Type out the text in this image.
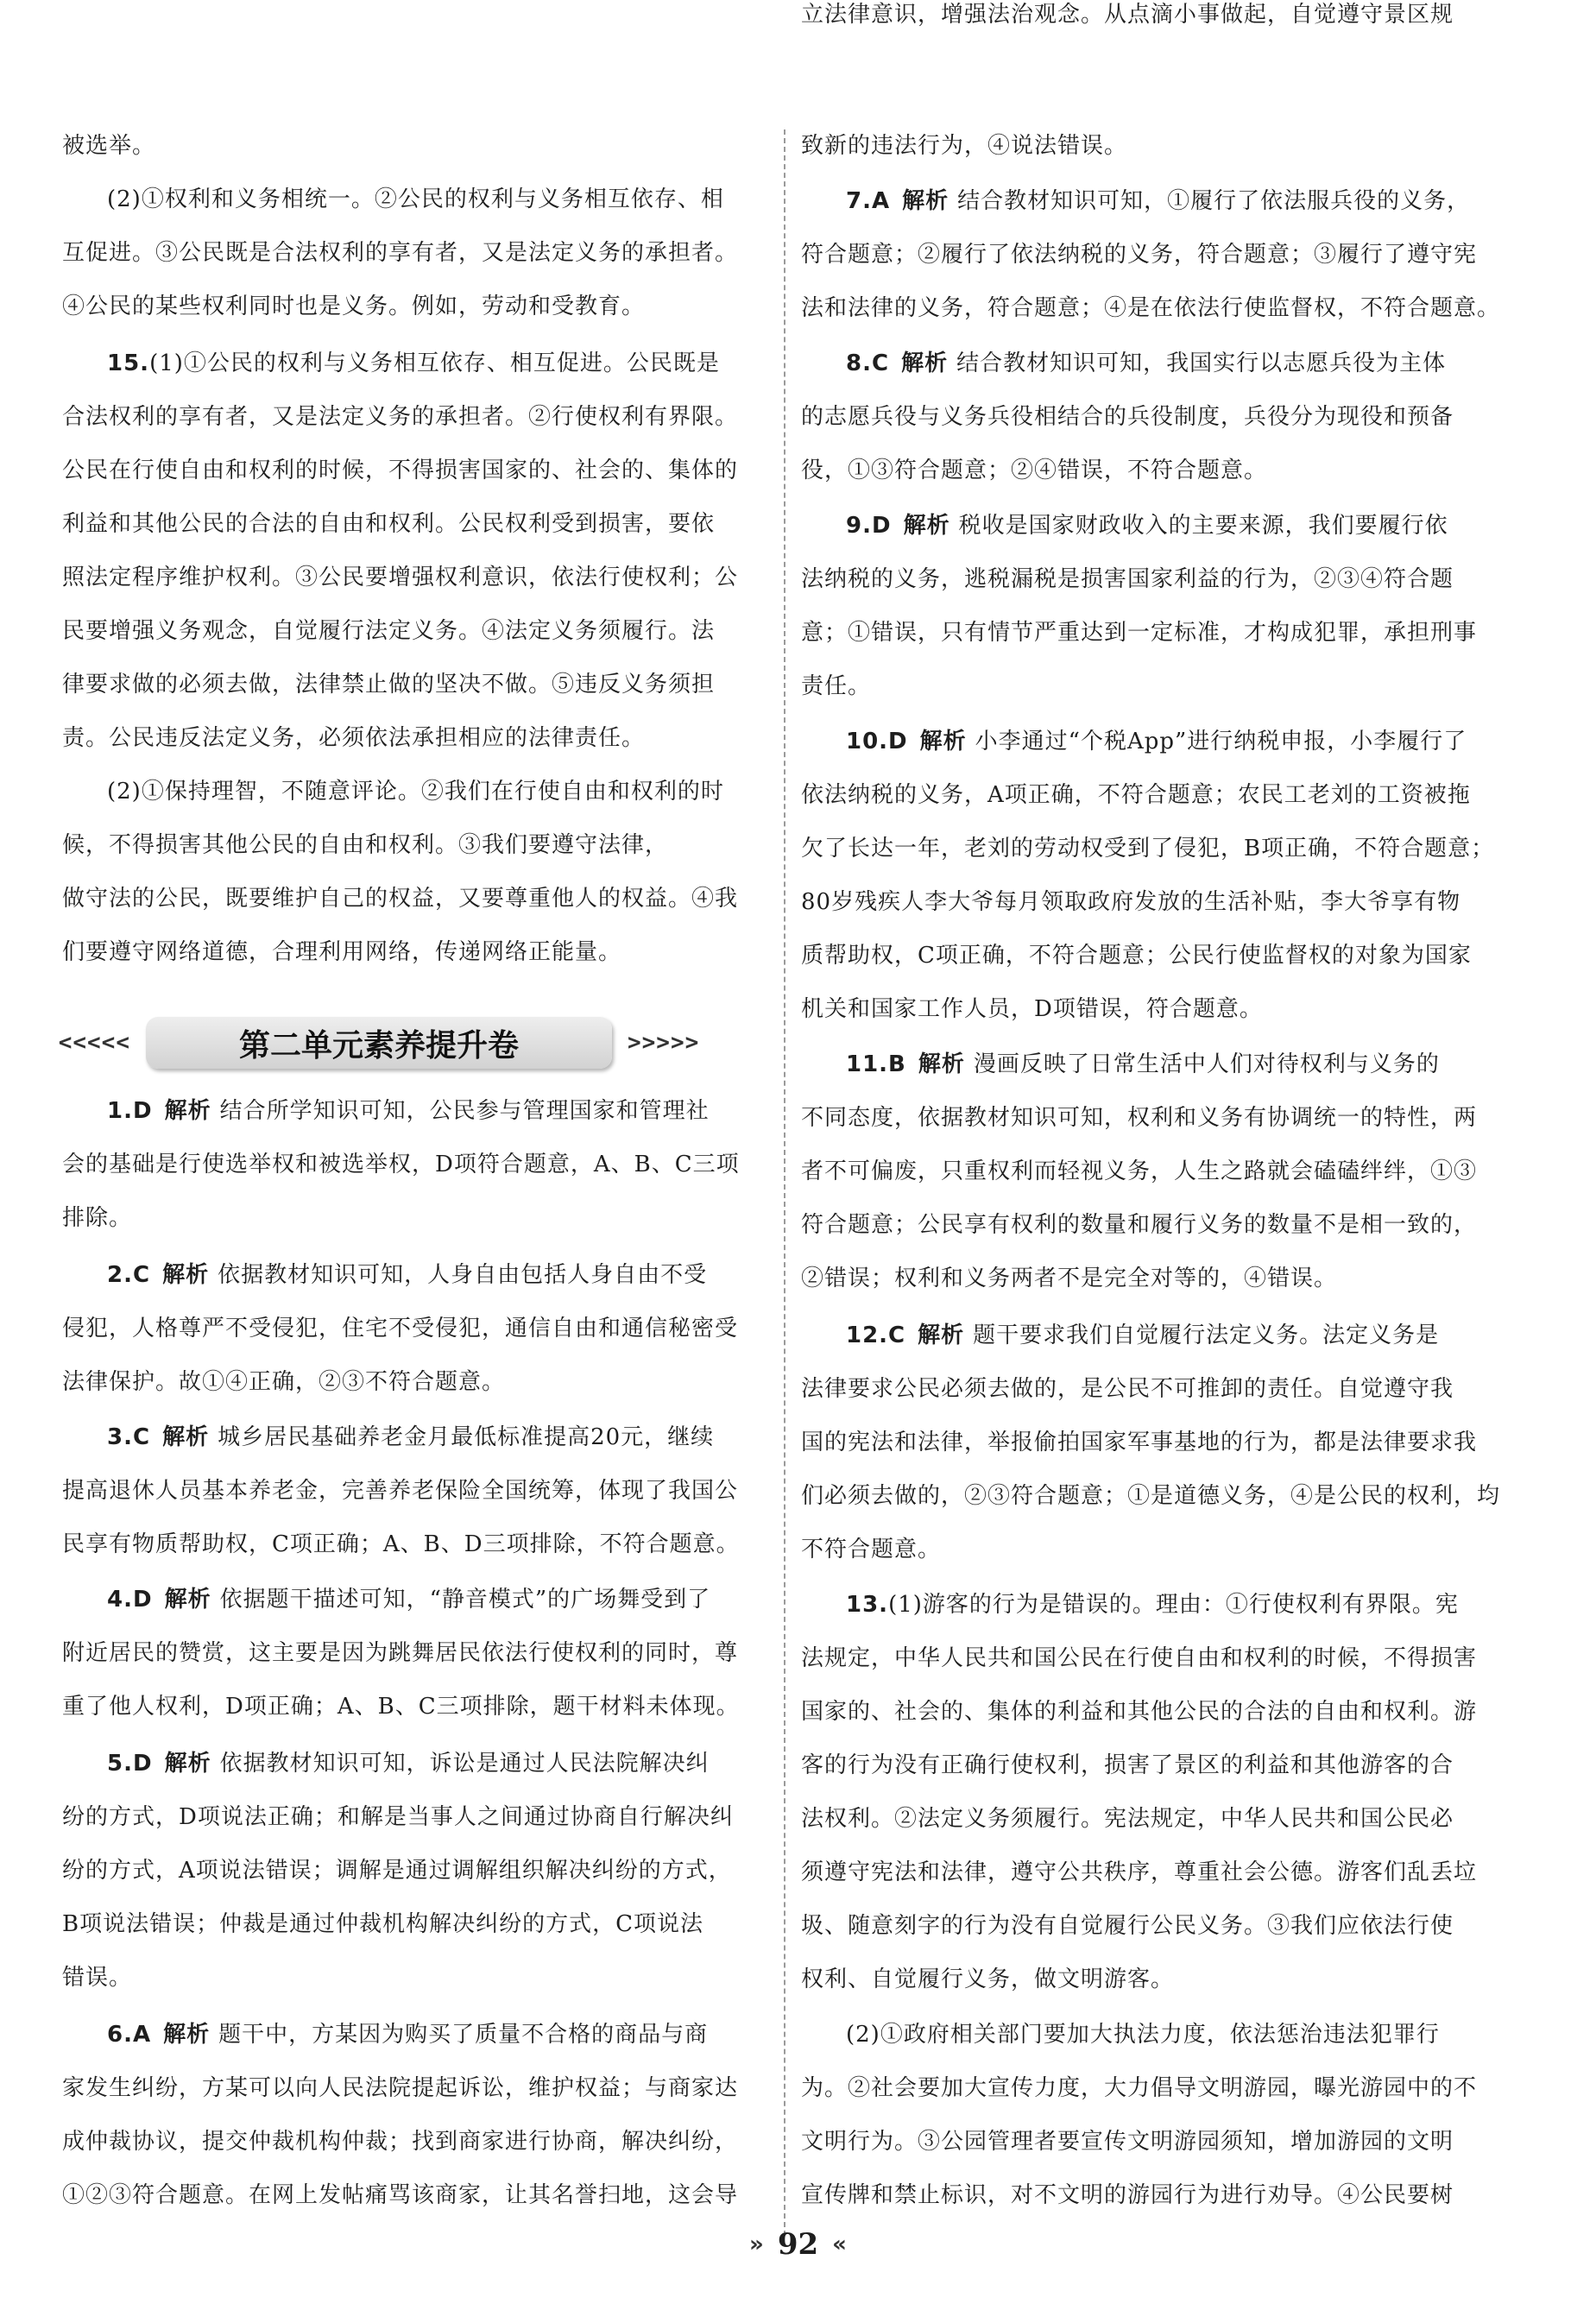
被选举。

(2)①权利和义务相统一。②公民的权利与义务相互依存、相

互促进。③公民既是合法权利的享有者，又是法定义务的承担者。

④公民的某些权利同时也是义务。例如，劳动和受教育。

15.(1)①公民的权利与义务相互依存、相互促进。公民既是

合法权利的享有者，又是法定义务的承担者。②行使权利有界限。

公民在行使自由和权利的时候，不得损害国家的、社会的、集体的

利益和其他公民的合法的自由和权利。公民权利受到损害，要依

照法定程序维护权利。③公民要增强权利意识，依法行使权利；公

民要增强义务观念，自觉履行法定义务。④法定义务须履行。法

律要求做的必须去做，法律禁止做的坚决不做。⑤违反义务须担

责。公民违反法定义务，必须依法承担相应的法律责任。

(2)①保持理智，不随意评论。②我们在行使自由和权利的时

候，不得损害其他公民的自由和权利。③我们要遵守法律，

做守法的公民，既要维护自己的权益，又要尊重他人的权益。④我

们要遵守网络道德，合理利用网络，传递网络正能量。

1.D 解析 结合所学知识可知，公民参与管理国家和管理社

会的基础是行使选举权和被选举权，D项符合题意，A、B、C三项

排除。

2.C 解析 依据教材知识可知，人身自由包括人身自由不受

侵犯，人格尊严不受侵犯，住宅不受侵犯，通信自由和通信秘密受

法律保护。故①④正确，②③不符合题意。

3.C 解析 城乡居民基础养老金月最低标准提高20元，继续

提高退休人员基本养老金，完善养老保险全国统筹，体现了我国公

民享有物质帮助权，C项正确；A、B、D三项排除，不符合题意。

4.D 解析 依据题干描述可知，“静音模式”的广场舞受到了

附近居民的赞赏，这主要是因为跳舞居民依法行使权利的同时，尊

重了他人权利，D项正确；A、B、C三项排除，题干材料未体现。

5.D 解析 依据教材知识可知，诉讼是通过人民法院解决纠

纷的方式，D项说法正确；和解是当事人之间通过协商自行解决纠

纷的方式，A项说法错误；调解是通过调解组织解决纠纷的方式，

B项说法错误；仲裁是通过仲裁机构解决纠纷的方式，C项说法

错误。

6.A 解析 题干中，方某因为购买了质量不合格的商品与商

家发生纠纷，方某可以向人民法院提起诉讼，维护权益；与商家达

成仲裁协议，提交仲裁机构仲裁；找到商家进行协商，解决纠纷，

①②③符合题意。在网上发帖痛骂该商家，让其名誉扫地，这会导

致新的违法行为，④说法错误。

7.A 解析 结合教材知识可知，①履行了依法服兵役的义务，

符合题意；②履行了依法纳税的义务，符合题意；③履行了遵守宪

法和法律的义务，符合题意；④是在依法行使监督权，不符合题意。

8.C 解析 结合教材知识可知，我国实行以志愿兵役为主体

的志愿兵役与义务兵役相结合的兵役制度，兵役分为现役和预备

役，①③符合题意；②④错误，不符合题意。

9.D 解析 税收是国家财政收入的主要来源，我们要履行依

法纳税的义务，逃税漏税是损害国家利益的行为，②③④符合题

意；①错误，只有情节严重达到一定标准，才构成犯罪，承担刑事

责任。

10.D 解析 小李通过“个税App”进行纳税申报，小李履行了

依法纳税的义务，A项正确，不符合题意；农民工老刘的工资被拖

欠了长达一年，老刘的劳动权受到了侵犯，B项正确，不符合题意；

80岁残疾人李大爷每月领取政府发放的生活补贴，李大爷享有物

质帮助权，C项正确，不符合题意；公民行使监督权的对象为国家

机关和国家工作人员，D项错误，符合题意。

11.B 解析 漫画反映了日常生活中人们对待权利与义务的

不同态度，依据教材知识可知，权利和义务有协调统一的特性，两

者不可偏废，只重权利而轻视义务，人生之路就会磕磕绊绊，①③

符合题意；公民享有权利的数量和履行义务的数量不是相一致的，

②错误；权利和义务两者不是完全对等的，④错误。

12.C 解析 题干要求我们自觉履行法定义务。法定义务是

法律要求公民必须去做的，是公民不可推卸的责任。自觉遵守我

国的宪法和法律，举报偷拍国家军事基地的行为，都是法律要求我

们必须去做的，②③符合题意；①是道德义务，④是公民的权利，均

不符合题意。

13.(1)游客的行为是错误的。理由：①行使权利有界限。宪

法规定，中华人民共和国公民在行使自由和权利的时候，不得损害

国家的、社会的、集体的利益和其他公民的合法的自由和权利。游

客的行为没有正确行使权利，损害了景区的利益和其他游客的合

法权利。②法定义务须履行。宪法规定，中华人民共和国公民必

须遵守宪法和法律，遵守公共秩序，尊重社会公德。游客们乱丢垃

圾、随意刻字的行为没有自觉履行公民义务。③我们应依法行使

权利、自觉履行义务，做文明游客。

(2)①政府相关部门要加大执法力度，依法惩治违法犯罪行

为。②社会要加大宣传力度，大力倡导文明游园，曝光游园中的不

文明行为。③公园管理者要宣传文明游园须知，增加游园的文明

宣传牌和禁止标识，对不文明的游园行为进行劝导。④公民要树

立法律意识，增强法治观念。从点滴小事做起，自觉遵守景区规

<<<<<	第二单元素养提升卷	>>>>>
» 92 «
